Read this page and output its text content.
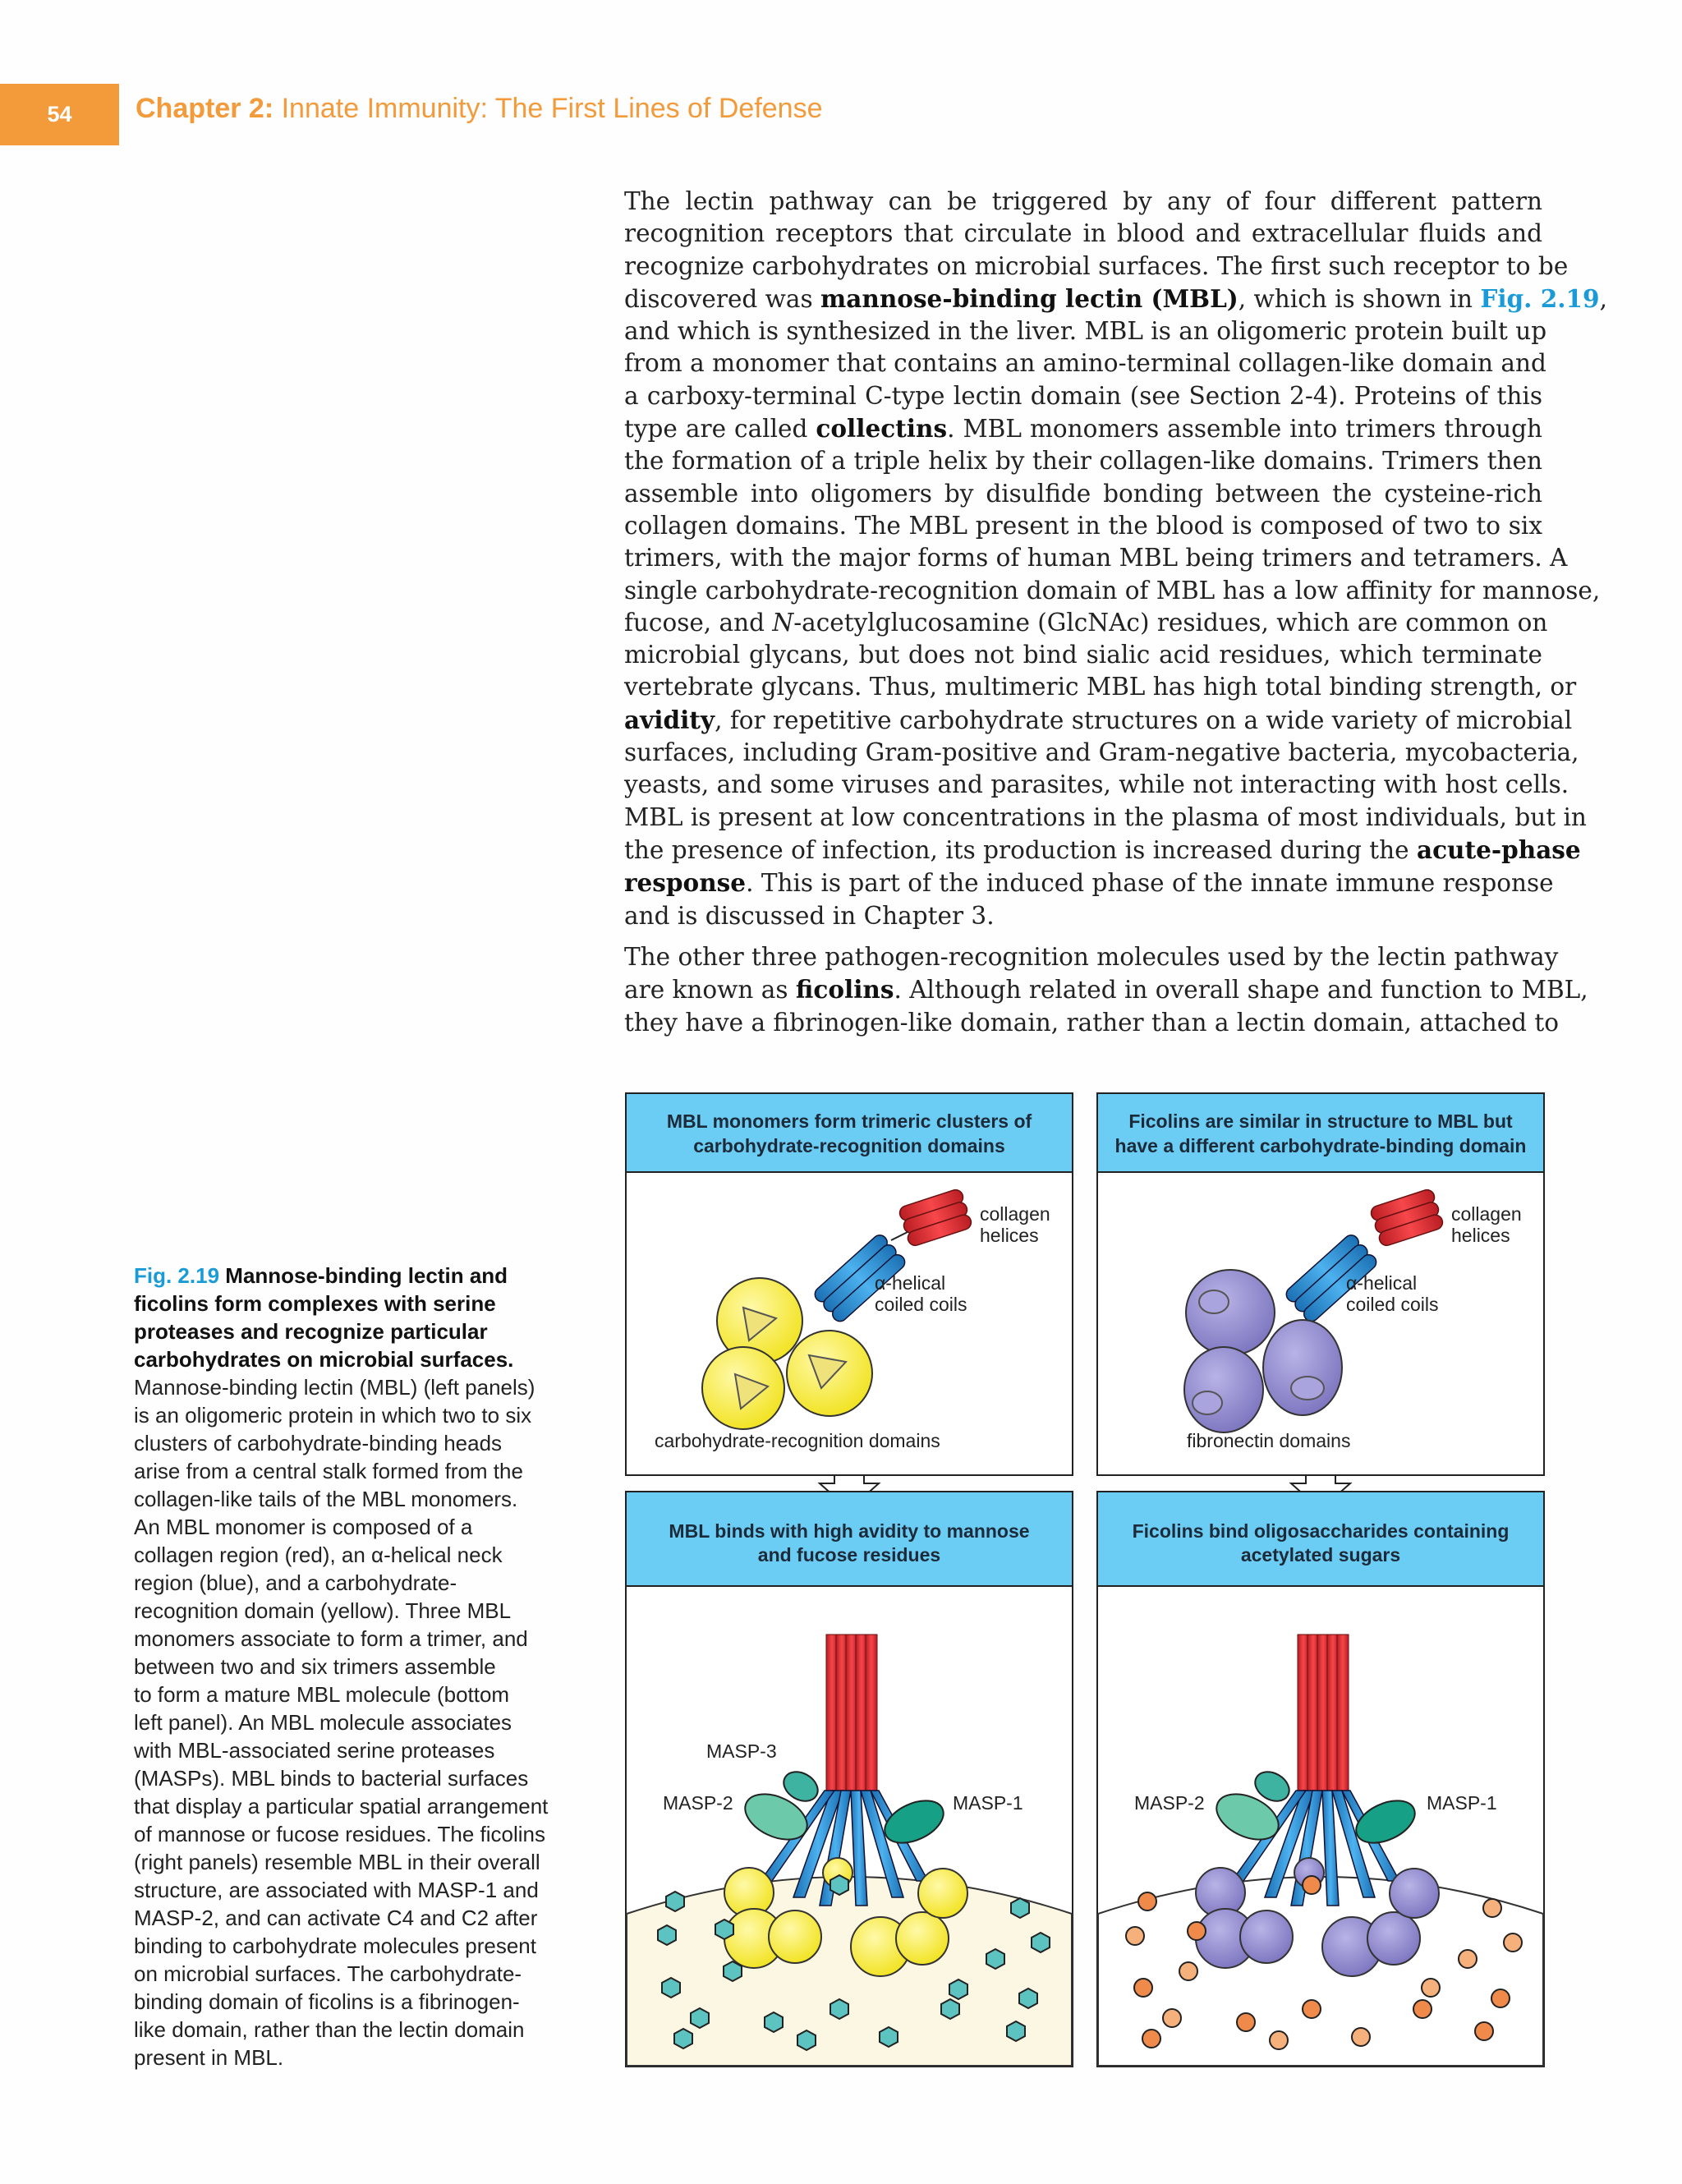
54	Chapter 2: Innate Immunity: The First Lines of Defense

The lectin pathway can be triggered by any of four different pattern

recognition receptors that circulate in blood and extracellular fluids and

recognize carbohydrates on microbial surfaces. The first such receptor to be

discovered was mannose-binding lectin (MBL), which is shown in Fig. 2.19,

and which is synthesized in the liver. MBL is an oligomeric protein built up

from a monomer that contains an amino-terminal collagen-like domain and

a carboxy-terminal C-type lectin domain (see Section 2-4). Proteins of this

type are called collectins. MBL monomers assemble into trimers through

the formation of a triple helix by their collagen-like domains. Trimers then

assemble into oligomers by disulfide bonding between the cysteine-rich

collagen domains. The MBL present in the blood is composed of two to six

trimers, with the major forms of human MBL being trimers and tetramers. A

single carbohydrate-recognition domain of MBL has a low affinity for mannose,

fucose, and N-acetylglucosamine (GlcNAc) residues, which are common on

microbial glycans, but does not bind sialic acid residues, which terminate

vertebrate glycans. Thus, multimeric MBL has high total binding strength, or

avidity, for repetitive carbohydrate structures on a wide variety of microbial

surfaces, including Gram-positive and Gram-negative bacteria, mycobacteria,

yeasts, and some viruses and parasites, while not interacting with host cells.

MBL is present at low concentrations in the plasma of most individuals, but in

the presence of infection, its production is increased during the acute-phase

response. This is part of the induced phase of the innate immune response

and is discussed in Chapter 3.

The other three pathogen-recognition molecules used by the lectin pathway

are known as ficolins. Although related in overall shape and function to MBL,

they have a fibrinogen-like domain, rather than a lectin domain, attached to

Fig. 2.19 Mannose-binding lectin and
ficolins form complexes with serine
proteases and recognize particular
carbohydrates on microbial surfaces.
Mannose-binding lectin (MBL) (left panels)
is an oligomeric protein in which two to six
clusters of carbohydrate-binding heads
arise from a central stalk formed from the
collagen-like tails of the MBL monomers.
An MBL monomer is composed of a
collagen region (red), an α-helical neck
region (blue), and a carbohydrate-
recognition domain (yellow). Three MBL
monomers associate to form a trimer, and
between two and six trimers assemble
to form a mature MBL molecule (bottom
left panel). An MBL molecule associates
with MBL-associated serine proteases
(MASPs). MBL binds to bacterial surfaces
that display a particular spatial arrangement
of mannose or fucose residues. The ficolins
(right panels) resemble MBL in their overall
structure, are associated with MASP-1 and
MASP-2, and can activate C4 and C2 after
binding to carbohydrate molecules present
on microbial surfaces. The carbohydrate-
binding domain of ficolins is a fibrinogen-
like domain, rather than the lectin domain
present in MBL.
MBL monomers form trimeric clusters of
carbohydrate-recognition domains
collagen
helices
α-helical
coiled coils
carbohydrate-recognition domains
Ficolins are similar in structure to MBL but
have a different carbohydrate-binding domain
collagen
helices
α-helical
coiled coils
fibronectin domains
MBL binds with high avidity to mannose
and fucose residues
MASP-3
MASP-2	MASP-1
Ficolins bind oligosaccharides containing
acetylated sugars
MASP-2	MASP-1
